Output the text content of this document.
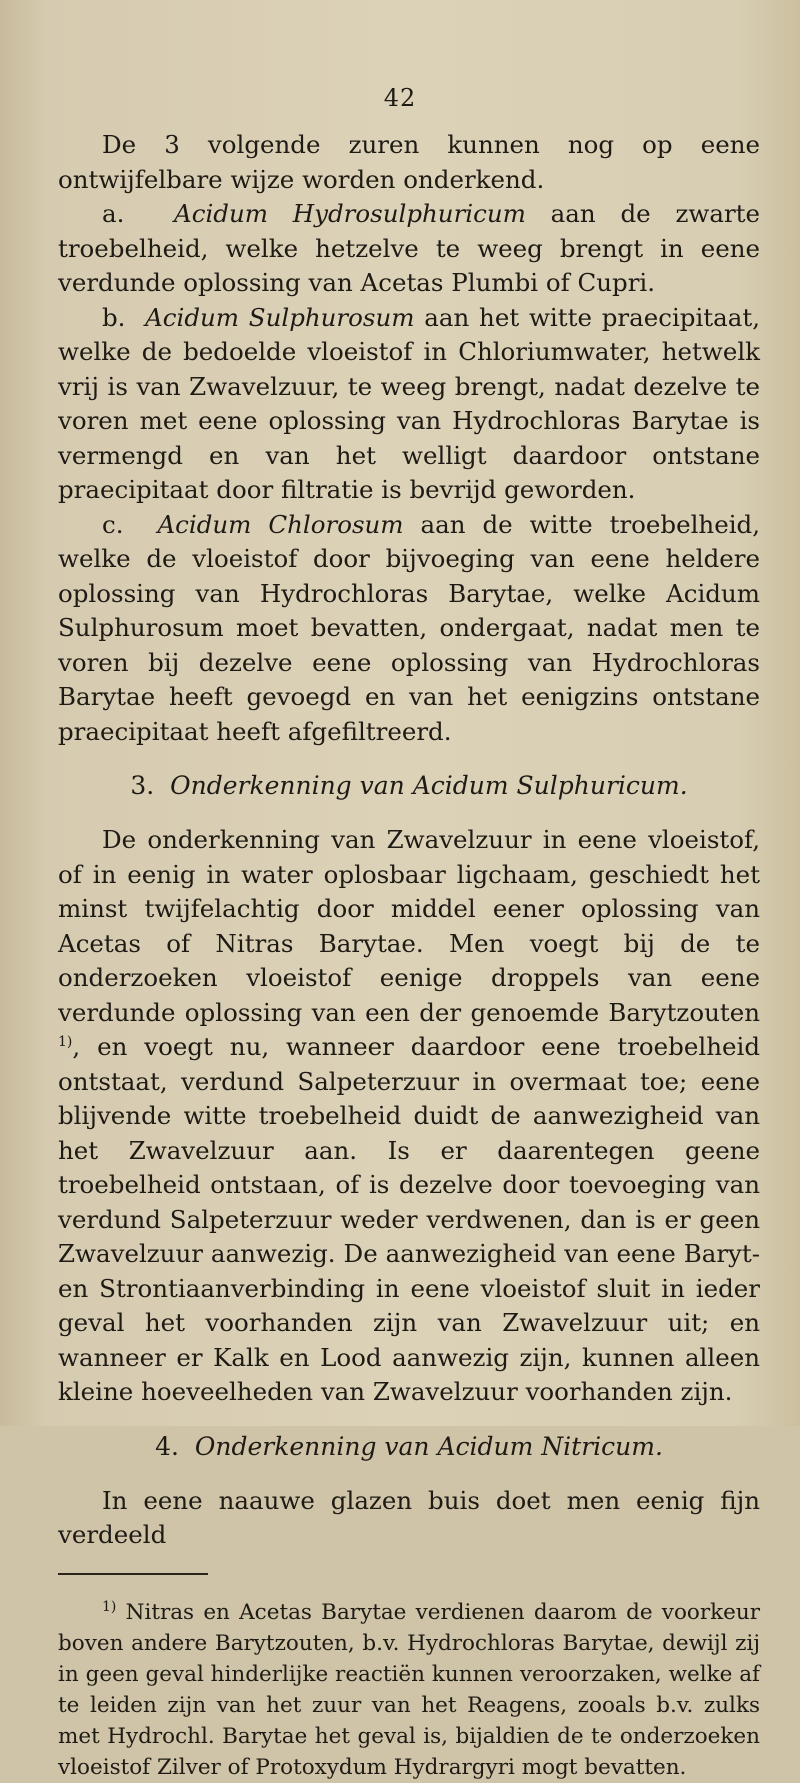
42

De 3 volgende zuren kunnen nog op eene ontwijfelbare wijze worden onderkend.

a. Acidum Hydrosulphuricum aan de zwarte troebelheid, welke hetzelve te weeg brengt in eene verdunde oplossing van Acetas Plumbi of Cupri.

b. Acidum Sulphurosum aan het witte praecipitaat, welke de bedoelde vloeistof in Chloriumwater, hetwelk vrij is van Zwavelzuur, te weeg brengt, nadat dezelve te voren met eene oplossing van Hydrochloras Barytae is vermengd en van het welligt daardoor ontstane praecipitaat door filtratie is bevrijd geworden.

c. Acidum Chlorosum aan de witte troebelheid, welke de vloeistof door bijvoeging van eene heldere oplossing van Hydrochloras Barytae, welke Acidum Sulphurosum moet bevatten, ondergaat, nadat men te voren bij dezelve eene oplossing van Hydrochloras Barytae heeft gevoegd en van het eenigzins ontstane praecipitaat heeft afgefiltreerd.

3. Onderkenning van Acidum Sulphuricum.

De onderkenning van Zwavelzuur in eene vloeistof, of in eenig in water oplosbaar ligchaam, geschiedt het minst twijfelachtig door middel eener oplossing van Acetas of Nitras Barytae. Men voegt bij de te onderzoeken vloeistof eenige droppels van eene verdunde oplossing van een der genoemde Barytzouten $^{1)}$, en voegt nu, wanneer daardoor eene troebelheid ontstaat, verdund Salpeterzuur in overmaat toe; eene blijvende witte troebelheid duidt de aanwezigheid van het Zwavelzuur aan. Is er daarentegen geene troebelheid ontstaan, of is dezelve door toevoeging van verdund Salpeterzuur weder verdwenen, dan is er geen Zwavelzuur aanwezig. De aanwezigheid van eene Baryt- en Strontiaanverbinding in eene vloeistof sluit in ieder geval het voorhanden zijn van Zwavelzuur uit; en wanneer er Kalk en Lood aanwezig zijn, kunnen alleen kleine hoeveelheden van Zwavelzuur voorhanden zijn.

4. Onderkenning van Acidum Nitricum.

In eene naauwe glazen buis doet men eenig fijn verdeeld

$^{1)}$ Nitras en Acetas Barytae verdienen daarom de voorkeur boven andere Barytzouten, b.v. Hydrochloras Barytae, dewijl zij in geen geval hinderlijke reactiën kunnen veroorzaken, welke af te leiden zijn van het zuur van het Reagens, zooals b.v. zulks met Hydrochl. Barytae het geval is, bijaldien de te onderzoeken vloeistof Zilver of Protoxydum Hydrargyri mogt bevatten.
